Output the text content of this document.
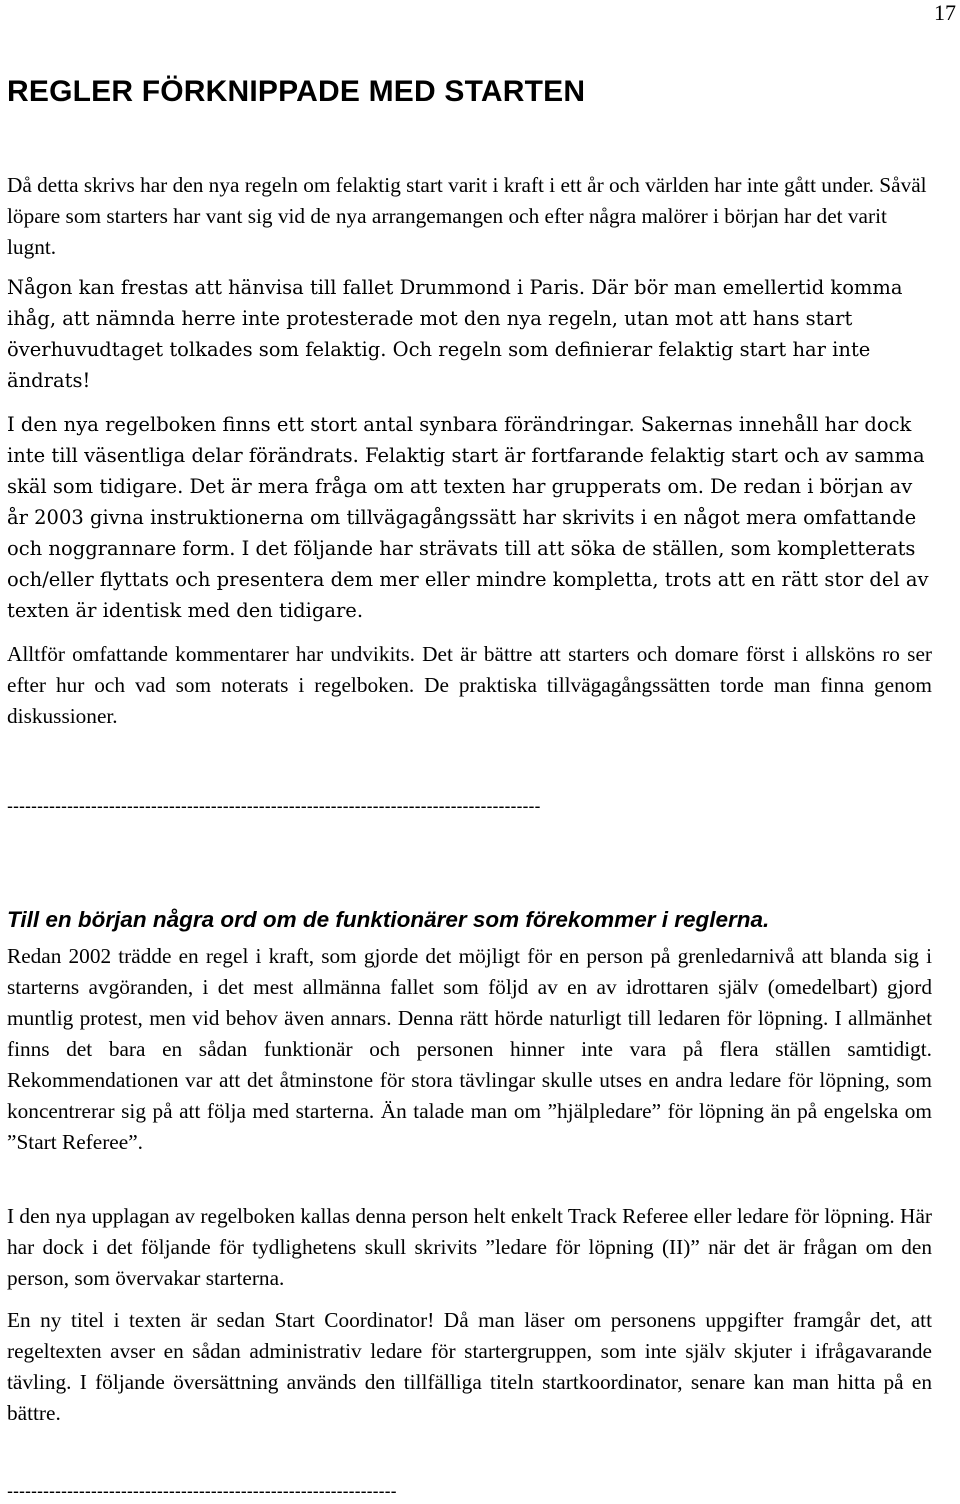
17
REGLER FÖRKNIPPADE MED STARTEN

Då detta skrivs har den nya regeln om felaktig start varit i kraft i ett år och världen har inte gått under. Såväl löpare som starters har vant sig vid de nya arrangemangen och efter några malörer i början har det varit lugnt.

Någon kan frestas att hänvisa till fallet Drummond i Paris. Där bör man emellertid komma ihåg, att nämnda herre inte protesterade mot den nya regeln, utan mot att hans start överhuvudtaget tolkades som felaktig. Och regeln som definierar felaktig start har inte ändrats!

I den nya regelboken finns ett stort antal synbara förändringar. Sakernas innehåll har dock inte till väsentliga delar förändrats. Felaktig start är fortfarande felaktig start och av samma skäl som tidigare. Det är mera fråga om att texten har grupperats om. De redan i början av år 2003 givna instruktionerna om tillvägagångssätt har skrivits i en något mera omfattande och noggrannare form. I det följande har strävats till att söka de ställen, som kompletterats och/eller flyttats och presentera dem mer eller mindre kompletta, trots att en rätt stor del av texten är identisk med den tidigare.

Alltför omfattande kommentarer har undvikits. Det är bättre att starters och domare först i allsköns ro ser efter hur och vad som noterats i regelboken. De praktiska tillvägagångssätten torde man finna genom diskussioner.

-----------------------------------------------------------------------------------------
Till en början några ord om de funktionärer som förekommer i reglerna.

Redan 2002 trädde en regel i kraft, som gjorde det möjligt för en person på grenledarnivå att blanda sig i starterns avgöranden, i det mest allmänna fallet som följd av en av idrottaren själv (omedelbart) gjord muntlig protest, men vid behov även annars. Denna rätt hörde naturligt till ledaren för löpning. I allmänhet finns det bara en sådan funktionär och personen hinner inte vara på flera ställen samtidigt. Rekommendationen var att det åtminstone för stora tävlingar skulle utses en andra ledare för löpning, som koncentrerar sig på att följa med starterna. Än talade man om ”hjälpledare” för löpning än på engelska om ”Start Referee”.

I den nya upplagan av regelboken kallas denna person helt enkelt Track Referee eller ledare för löpning. Här har dock i det följande för tydlighetens skull skrivits ”ledare för löpning (II)” när det är frågan om den person, som övervakar starterna.

En ny titel i texten är sedan Start Coordinator! Då man läser om personens uppgifter framgår det, att regeltexten avser en sådan administrativ ledare för startergruppen, som inte själv skjuter i ifrågavarande tävling. I följande översättning används den tillfälliga titeln startkoordinator, senare kan man hitta på en bättre.

-----------------------------------------------------------------
